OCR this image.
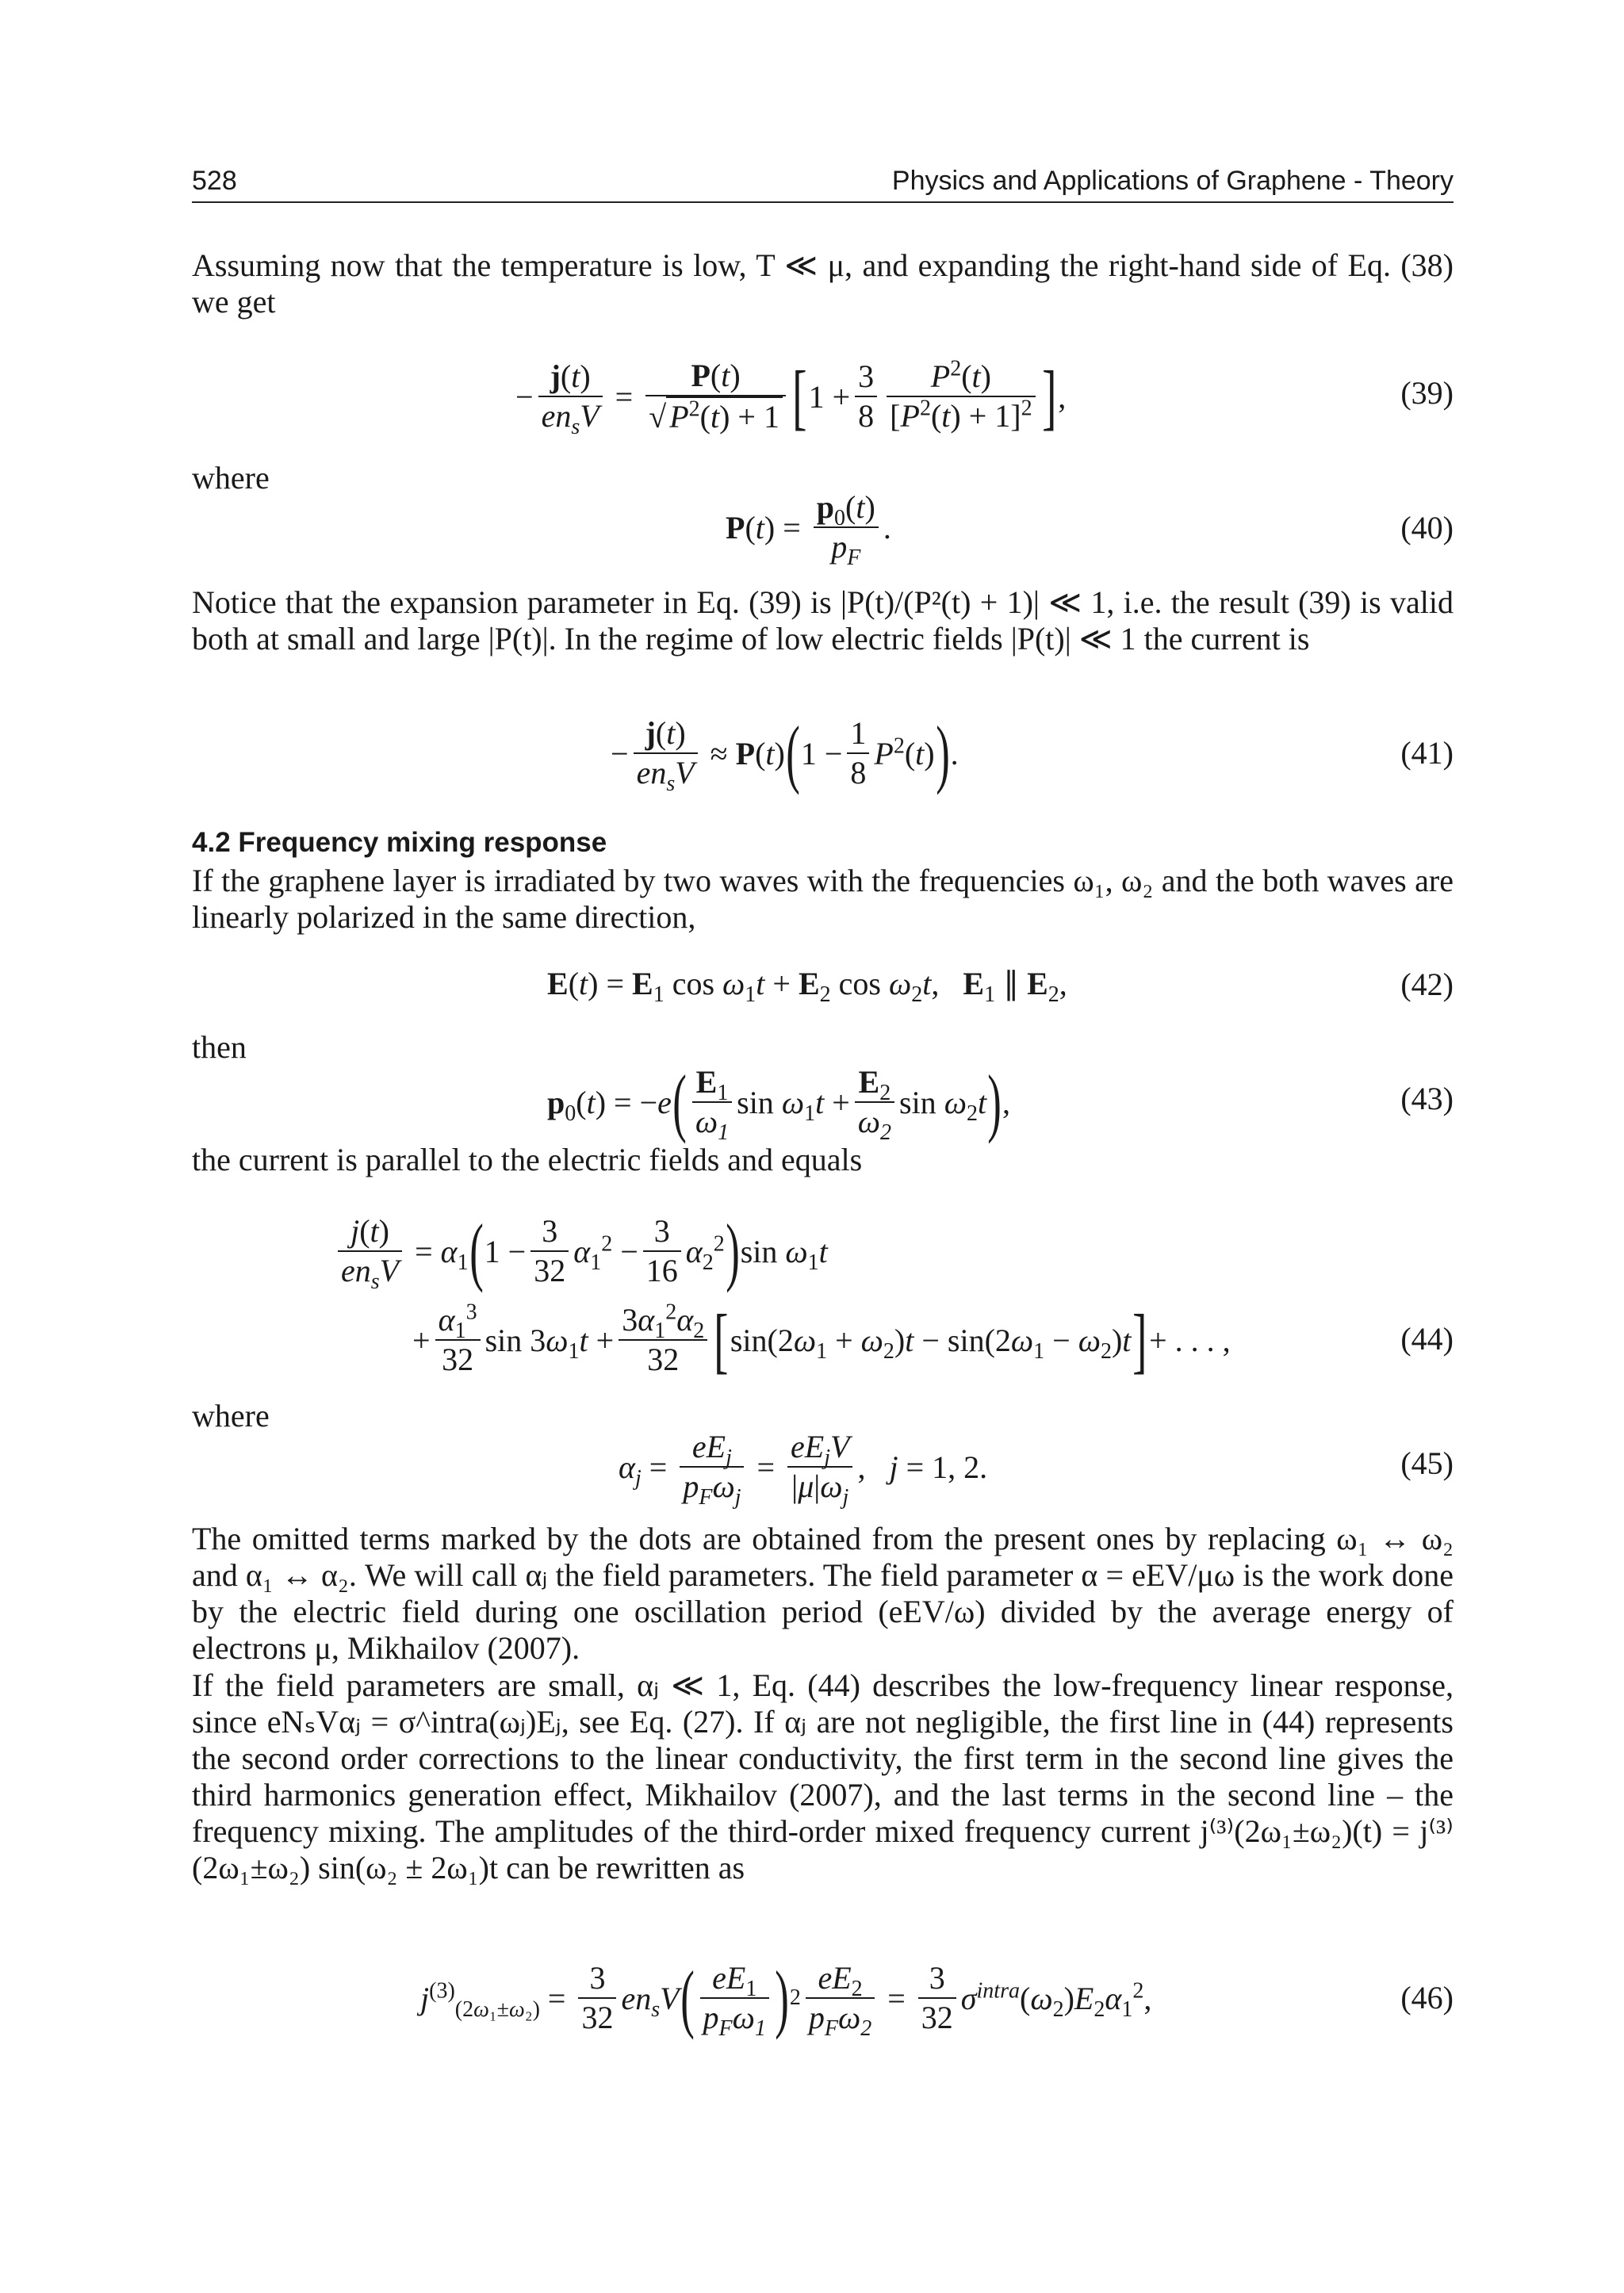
528	Physics and Applications of Graphene - Theory
Assuming now that the temperature is low, T ≪ μ, and expanding the right-hand side of Eq. (38) we get
− $\frac{j(t)}{en_sV} = \frac{P(t)}{√ P^2(t) + 1}$ [ $1 + \frac{3}{8} \frac{P^2(t)}{[P^2(t) + 1]^2}$ ] ,	(39)
where
$P(t) = \frac{p_0(t)}{p_F}$ .	(40)
Notice that the expansion parameter in Eq. (39) is |P(t)/(P²(t) + 1)| ≪ 1, i.e. the result (39) is valid both at small and large |P(t)|. In the regime of low electric fields |P(t)| ≪ 1 the current is
− $\frac{j(t)}{en_sV} \approx P(t)$ ( $1 - \frac{1}{8} P^2(t)$ ) .	(41)
4.2 Frequency mixing response
If the graphene layer is irradiated by two waves with the frequencies ω₁, ω₂ and the both waves are linearly polarized in the same direction,
$E(t) = E_1$ $\cos \omega_1t + E_2$ $\cos \omega_2t$,   $E_1$ ∥ $E_2$,	(42)
then
$p_0(t) = -e$ ( $\frac{E_1}{\omega_1}$ $\sin \omega_1t + \frac{E_2}{\omega_2}$ $\sin \omega_2t$ ) ,	(43)
the current is parallel to the electric fields and equals
$\frac{j(t)}{en_sV} = \alpha_1$ ( $1 - \frac{3}{32} \alpha_1^2 - \frac{3}{16} \alpha_2^2$ ) $\sin \omega_1t$
+ $\frac{\alpha_1^3}{32}$ $\sin 3\omega_1t + \frac{3\alpha_1^2\alpha_2}{32}$ [ $\sin(2\omega_1 + \omega_2)t - \sin(2\omega_1 - \omega_2)t$ ] + . . . ,	(44)
where
$\alpha_j = \frac{eE_j}{p_F\omega_j} = \frac{eE_jV}{|\mu|\omega_j}$ ,   j = 1, 2.	(45)
The omitted terms marked by the dots are obtained from the present ones by replacing ω₁ ↔ ω₂ and α₁ ↔ α₂. We will call αⱼ the field parameters. The field parameter α = eEV/μω is the work done by the electric field during one oscillation period (eEV/ω) divided by the average energy of electrons μ, Mikhailov (2007).
If the field parameters are small, αⱼ ≪ 1, Eq. (44) describes the low-frequency linear response, since eNₛVαⱼ = σ^intra(ωⱼ)Eⱼ, see Eq. (27). If αⱼ are not negligible, the first line in (44) represents the second order corrections to the linear conductivity, the first term in the second line gives the third harmonics generation effect, Mikhailov (2007), and the last terms in the second line – the frequency mixing. The amplitudes of the third-order mixed frequency current j⁽³⁾(2ω₁±ω₂)(t) = j⁽³⁾(2ω₁±ω₂) sin(ω₂ ± 2ω₁)t can be rewritten as
$j^{(3)}_{(2\omega_1\pm\omega_2)} = \frac{3}{32} en_sV$ ( $\frac{eE_1}{p_F\omega_1}$ ) $2 \frac{eE_2}{p_F\omega_2} = \frac{3}{32} \sigma^{intra}(\omega_2)E_2\alpha_1^2$,	(46)
